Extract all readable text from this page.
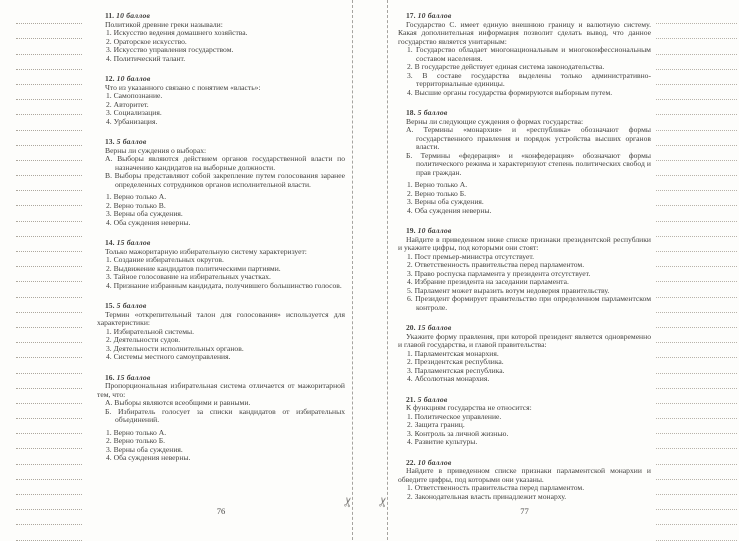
✂ ✂
11. 10 баллов
Политикой древние греки называли:
1. Искусство ведения домашнего хозяйства.
2. Ораторское искусство.
3. Искусство управления государством.
4. Политический талант.
12. 10 баллов
Что из указанного связано с понятием «власть»:
1. Самопознание.
2. Авторитет.
3. Социализация.
4. Урбанизация.
13. 5 баллов
Верны ли суждения о выборах:
А. Выборы являются действием органов государственной власти по назначению кандидатов на выборные должности.
В. Выборы представляют собой закрепление путем голосования заранее определенных сотрудников органов исполнительной власти.
1. Верно только А.
2. Верно только В.
3. Верны оба суждения.
4. Оба суждения неверны.
14. 15 баллов
Только мажоритарную избирательную систему характеризует:
1. Создание избирательных округов.
2. Выдвижение кандидатов политическими партиями.
3. Тайное голосование на избирательных участках.
4. Признание избранным кандидата, получившего большинство голосов.
15. 5 баллов
Термин «открепительный талон для голосования» используется для характеристики:
1. Избирательной системы.
2. Деятельности судов.
3. Деятельности исполнительных органов.
4. Системы местного самоуправления.
16. 15 баллов
Пропорциональная избирательная система отличается от мажоритарной тем, что:
А. Выборы являются всеобщими и равными.
Б. Избиратель голосует за списки кандидатов от избирательных объединений.
1. Верно только А.
2. Верно только Б.
3. Верны оба суждения.
4. Оба суждения неверны.
76
17. 10 баллов
Государство С. имеет единую внешнюю границу и валютную систему. Какая дополнительная информация позволит сделать вывод, что данное государство является унитарным:
1. Государство обладает многонациональным и многоконфессиональным составом населения.
2. В государстве действует единая система законодательства.
3. В составе государства выделены только административно-территориальные единицы.
4. Высшие органы государства формируются выборным путем.
18. 5 баллов
Верны ли следующие суждения о формах государства:
А. Термины «монархия» и «республика» обозначают формы государственного правления и порядок устройства высших органов власти.
Б. Термины «федерация» и «конфедерация» обозначают формы политического режима и характеризуют степень политических свобод и прав граждан.
1. Верно только А.
2. Верно только Б.
3. Верны оба суждения.
4. Оба суждения неверны.
19. 10 баллов
Найдите в приведенном ниже списке признаки президентской республики и укажите цифры, под которыми они стоят:
1. Пост премьер-министра отсутствует.
2. Ответственность правительства перед парламентом.
3. Право роспуска парламента у президента отсутствует.
4. Избрание президента на заседании парламента.
5. Парламент может выразить вотум недоверия правительству.
6. Президент формирует правительство при определенном парламентском контроле.
20. 15 баллов
Укажите форму правления, при которой президент является одновременно и главой государства, и главой правительства:
1. Парламентская монархия.
2. Президентская республика.
3. Парламентская республика.
4. Абсолютная монархия.
21. 5 баллов
К функциям государства не относится:
1. Политическое управление.
2. Защита границ.
3. Контроль за личной жизнью.
4. Развитие культуры.
22. 10 баллов
Найдите в приведенном списке признаки парламентской монархии и обведите цифры, под которыми они указаны.
1. Ответственность правительства перед парламентом.
2. Законодательная власть принадлежит монарху.
77
